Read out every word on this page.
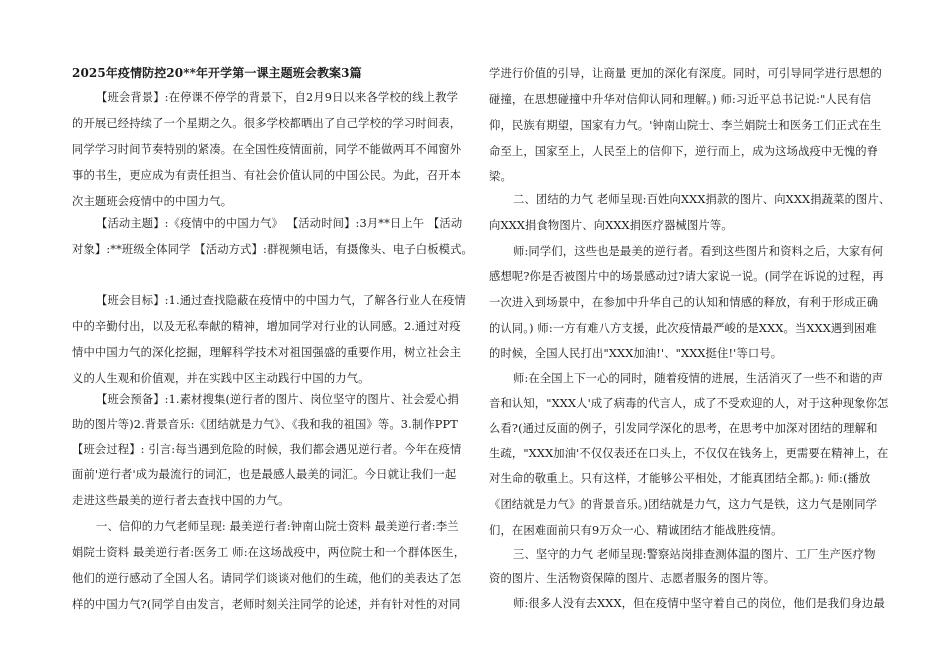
2025年疫情防控20**年开学第一课主题班会教案3篇
【班会背景】:在停课不停学的背景下，自2月9日以来各学校的线上教学
的开展已经持续了一个星期之久。很多学校都晒出了自己学校的学习时间表，
同学学习时间节奏特别的紧凑。在全国性疫情面前，同学不能做两耳不闻窗外
事的书生，更应成为有责任担当、有社会价值认同的中国公民。为此，召开本
次主题班会疫情中的中国力气。
【活动主题】:《疫情中的中国力气》 【活动时间】:3月**日上午 【活动
对象】:**班级全体同学 【活动方式】:群视频电话，有摄像头、电子白板模式。
【班会目标】:1.通过查找隐蔽在疫情中的中国力气，了解各行业人在疫情
中的辛勤付出，以及无私奉献的精神，增加同学对行业的认同感。2.通过对疫
情中中国力气的深化挖掘，理解科学技术对祖国强盛的重要作用，树立社会主
义的人生观和价值观，并在实践中区主动践行中国的力气。
【班会预备】:1.素材搜集(逆行者的图片、岗位坚守的图片、社会爱心捐
助的图片等)2.背景音乐:《团结就是力气》、《我和我的祖国》等。3.制作PPT
【班会过程】: 引言:每当遇到危险的时候，我们都会遇见逆行者。今年在疫情
面前'逆行者'成为最流行的词汇，也是最感人最美的词汇。今日就让我们一起
走进这些最美的逆行者去查找中国的力气。
一、信仰的力气老师呈现: 最美逆行者:钟南山院士资料 最美逆行者:李兰
娟院士资料 最美逆行者:医务工 师:在这场战疫中，两位院士和一个群体医生，
他们的逆行感动了全国人名。请同学们谈谈对他们的生疏，他们的美表达了怎
样的中国力气?(同学自由发言，老师时刻关注同学的论述，并有针对性的对同
学进行价值的引导，让商量 更加的深化有深度。同时，可引导同学进行思想的
碰撞，在思想碰撞中升华对信仰认同和理解。) 师:习近平总书记说:"人民有信
仰，民族有期望，国家有力气。'钟南山院士、李兰娟院士和医务工们正式在生
命至上，国家至上，人民至上的信仰下，逆行而上，成为这场战疫中无愧的脊
梁。
二、团结的力气 老师呈现:百姓向XXX捐款的图片、向XXX捐蔬菜的图片、
向XXX捐食物图片、向XXX捐医疗器械图片等。
师:同学们，这些也是最美的逆行者。看到这些图片和资料之后，大家有何
感想呢?你是否被图片中的场景感动过?请大家说一说。(同学在诉说的过程，再
一次进入到场景中，在参加中升华自己的认知和情感的释放，有利于形成正确
的认同。) 师:一方有难八方支援，此次疫情最严峻的是XXX。当XXX遇到困难
的时候，全国人民打出"XXX加油!'、"XXX挺住!'等口号。
师:在全国上下一心的同时，随着疫情的进展，生活消灭了一些不和谐的声
音和认知，"XXX人'成了病毒的代言人，成了不受欢迎的人，对于这种现象你怎
么看?(通过反面的例子，引发同学深化的思考，在思考中加深对团结的理解和
生疏，"XXX加油'不仅仅表还在口头上，不仅仅在钱务上，更需要在精神上，在
对生命的敬重上。只有这样，才能够公平相处，才能真团结全都。): 师:(播放
《团结就是力气》的背景音乐。)团结就是力气，这力气是铁，这力气是刚同学
们，在困难面前只有9万众一心、精诚团结才能战胜疫情。
三、坚守的力气 老师呈现:警察站岗排查测体温的图片、工厂生产医疗物
资的图片、生活物资保障的图片、志愿者服务的图片等。
师:很多人没有去XXX，但在疫情中坚守着自己的岗位，他们是我们身边最
